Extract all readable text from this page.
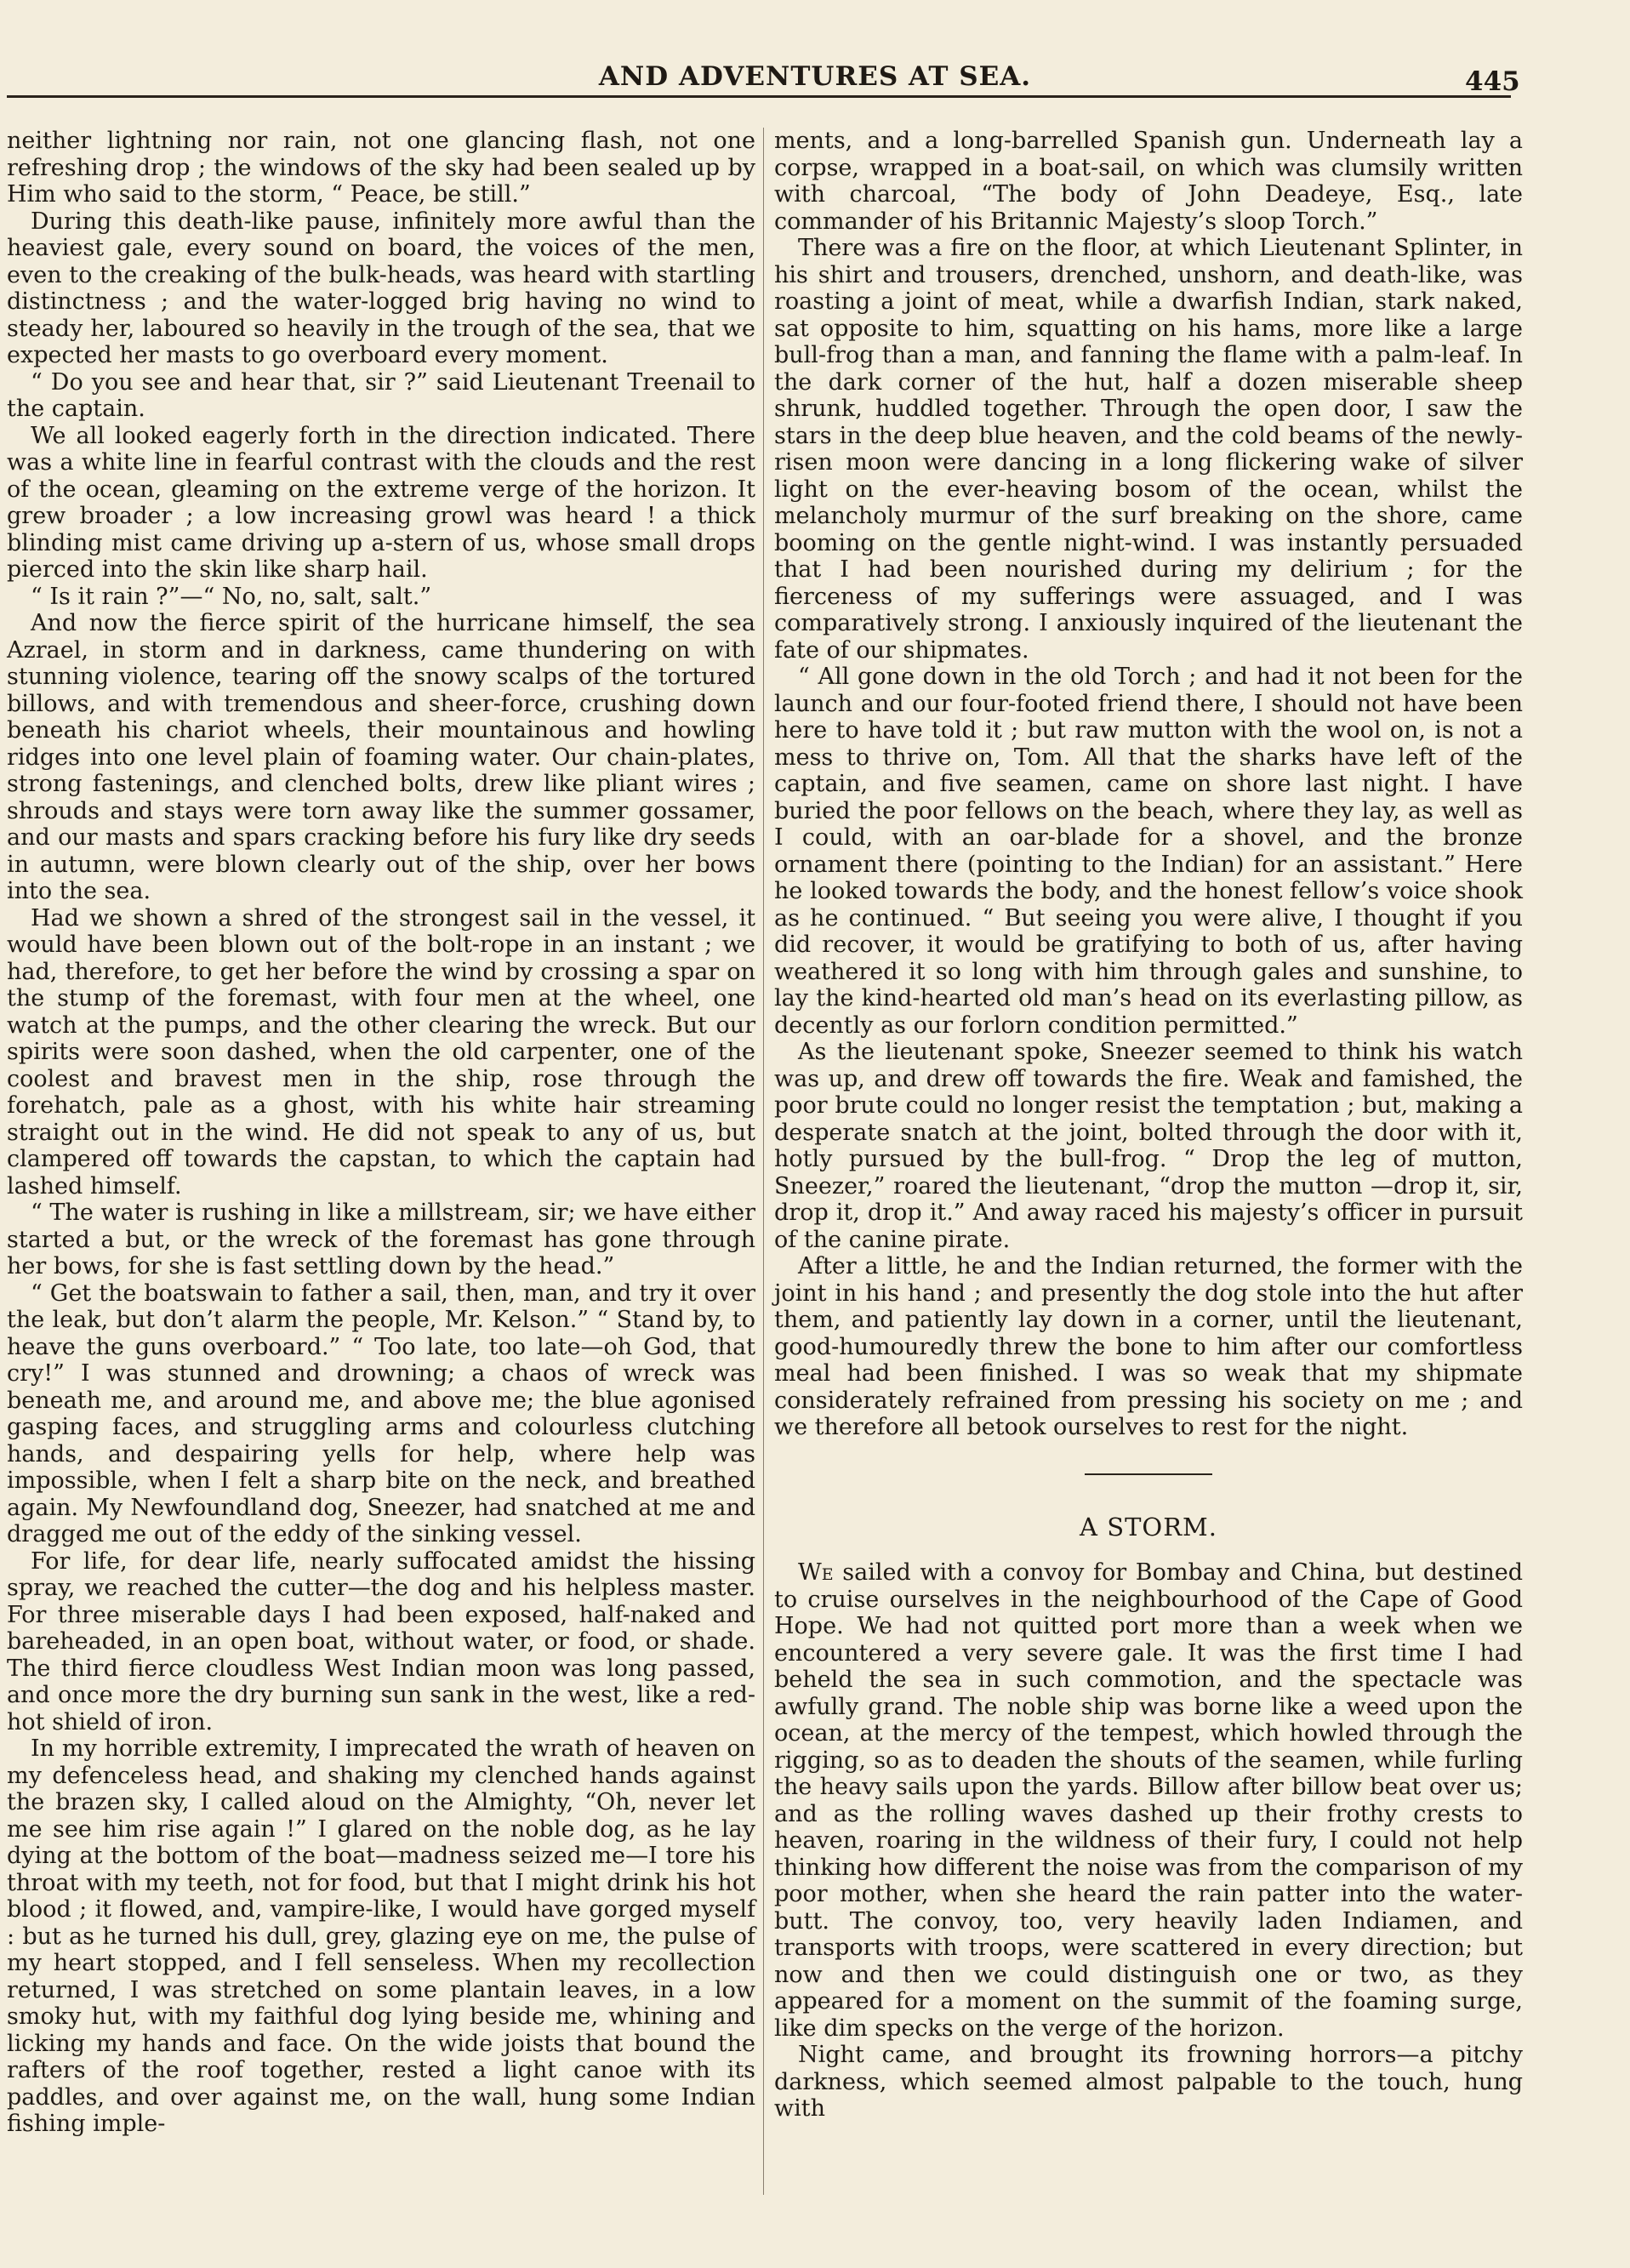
AND ADVENTURES AT SEA.	445

neither lightning nor rain, not one glancing flash, not one refreshing drop ; the windows of the sky had been sealed up by Him who said to the storm, “ Peace, be still.”

During this death-like pause, infinitely more awful than the heaviest gale, every sound on board, the voices of the men, even to the creaking of the bulk-heads, was heard with startling distinctness ; and the water-logged brig having no wind to steady her, laboured so heavily in the trough of the sea, that we expected her masts to go overboard every moment.

“ Do you see and hear that, sir ?” said Lieutenant Treenail to the captain.

We all looked eagerly forth in the direction indicated. There was a white line in fearful contrast with the clouds and the rest of the ocean, gleaming on the extreme verge of the horizon. It grew broader ; a low increasing growl was heard ! a thick blinding mist came driving up a-stern of us, whose small drops pierced into the skin like sharp hail.

“ Is it rain ?”—“ No, no, salt, salt.”

And now the fierce spirit of the hurricane himself, the sea Azrael, in storm and in darkness, came thundering on with stunning violence, tearing off the snowy scalps of the tortured billows, and with tremendous and sheer-force, crushing down beneath his chariot wheels, their mountainous and howling ridges into one level plain of foaming water. Our chain-plates, strong fastenings, and clenched bolts, drew like pliant wires ; shrouds and stays were torn away like the summer gossamer, and our masts and spars cracking before his fury like dry seeds in autumn, were blown clearly out of the ship, over her bows into the sea.

Had we shown a shred of the strongest sail in the vessel, it would have been blown out of the bolt-rope in an instant ; we had, therefore, to get her before the wind by crossing a spar on the stump of the foremast, with four men at the wheel, one watch at the pumps, and the other clearing the wreck. But our spirits were soon dashed, when the old carpenter, one of the coolest and bravest men in the ship, rose through the forehatch, pale as a ghost, with his white hair streaming straight out in the wind. He did not speak to any of us, but clampered off towards the capstan, to which the captain had lashed himself.

“ The water is rushing in like a millstream, sir; we have either started a but, or the wreck of the foremast has gone through her bows, for she is fast settling down by the head.”

“ Get the boatswain to father a sail, then, man, and try it over the leak, but don’t alarm the people, Mr. Kelson.” “ Stand by, to heave the guns overboard.” “ Too late, too late—oh God, that cry!” I was stunned and drowning; a chaos of wreck was beneath me, and around me, and above me; the blue agonised gasping faces, and struggling arms and colourless clutching hands, and despairing yells for help, where help was impossible, when I felt a sharp bite on the neck, and breathed again. My Newfoundland dog, Sneezer, had snatched at me and dragged me out of the eddy of the sinking vessel.

For life, for dear life, nearly suffocated amidst the hissing spray, we reached the cutter—the dog and his helpless master. For three miserable days I had been exposed, half-naked and bareheaded, in an open boat, without water, or food, or shade. The third fierce cloudless West Indian moon was long passed, and once more the dry burning sun sank in the west, like a red-hot shield of iron.

In my horrible extremity, I imprecated the wrath of heaven on my defenceless head, and shaking my clenched hands against the brazen sky, I called aloud on the Almighty, “Oh, never let me see him rise again !” I glared on the noble dog, as he lay dying at the bottom of the boat—madness seized me—I tore his throat with my teeth, not for food, but that I might drink his hot blood ; it flowed, and, vampire-like, I would have gorged myself : but as he turned his dull, grey, glazing eye on me, the pulse of my heart stopped, and I fell senseless. When my recollection returned, I was stretched on some plantain leaves, in a low smoky hut, with my faithful dog lying beside me, whining and licking my hands and face. On the wide joists that bound the rafters of the roof together, rested a light canoe with its paddles, and over against me, on the wall, hung some Indian fishing imple-

ments, and a long-barrelled Spanish gun. Underneath lay a corpse, wrapped in a boat-sail, on which was clumsily written with charcoal, “The body of John Deadeye, Esq., late commander of his Britannic Majesty’s sloop Torch.”

There was a fire on the floor, at which Lieutenant Splinter, in his shirt and trousers, drenched, unshorn, and death-like, was roasting a joint of meat, while a dwarfish Indian, stark naked, sat opposite to him, squatting on his hams, more like a large bull-frog than a man, and fanning the flame with a palm-leaf. In the dark corner of the hut, half a dozen miserable sheep shrunk, huddled together. Through the open door, I saw the stars in the deep blue heaven, and the cold beams of the newly-risen moon were dancing in a long flickering wake of silver light on the ever-heaving bosom of the ocean, whilst the melancholy murmur of the surf breaking on the shore, came booming on the gentle night-wind. I was instantly persuaded that I had been nourished during my delirium ; for the fierceness of my sufferings were assuaged, and I was comparatively strong. I anxiously inquired of the lieutenant the fate of our shipmates.

“ All gone down in the old Torch ; and had it not been for the launch and our four-footed friend there, I should not have been here to have told it ; but raw mutton with the wool on, is not a mess to thrive on, Tom. All that the sharks have left of the captain, and five seamen, came on shore last night. I have buried the poor fellows on the beach, where they lay, as well as I could, with an oar-blade for a shovel, and the bronze ornament there (pointing to the Indian) for an assistant.” Here he looked towards the body, and the honest fellow’s voice shook as he continued. “ But seeing you were alive, I thought if you did recover, it would be gratifying to both of us, after having weathered it so long with him through gales and sunshine, to lay the kind-hearted old man’s head on its everlasting pillow, as decently as our forlorn condition permitted.”

As the lieutenant spoke, Sneezer seemed to think his watch was up, and drew off towards the fire. Weak and famished, the poor brute could no longer resist the temptation ; but, making a desperate snatch at the joint, bolted through the door with it, hotly pursued by the bull-frog. “ Drop the leg of mutton, Sneezer,” roared the lieutenant, “drop the mutton —drop it, sir, drop it, drop it.” And away raced his majesty’s officer in pursuit of the canine pirate.

After a little, he and the Indian returned, the former with the joint in his hand ; and presently the dog stole into the hut after them, and patiently lay down in a corner, until the lieutenant, good-humouredly threw the bone to him after our comfortless meal had been finished. I was so weak that my shipmate considerately refrained from pressing his society on me ; and we therefore all betook ourselves to rest for the night.

A STORM.

We sailed with a convoy for Bombay and China, but destined to cruise ourselves in the neighbourhood of the Cape of Good Hope. We had not quitted port more than a week when we encountered a very severe gale. It was the first time I had beheld the sea in such commotion, and the spectacle was awfully grand. The noble ship was borne like a weed upon the ocean, at the mercy of the tempest, which howled through the rigging, so as to deaden the shouts of the seamen, while furling the heavy sails upon the yards. Billow after billow beat over us; and as the rolling waves dashed up their frothy crests to heaven, roaring in the wildness of their fury, I could not help thinking how different the noise was from the comparison of my poor mother, when she heard the rain patter into the water-butt. The convoy, too, very heavily laden Indiamen, and transports with troops, were scattered in every direction; but now and then we could distinguish one or two, as they appeared for a moment on the summit of the foaming surge, like dim specks on the verge of the horizon.

Night came, and brought its frowning horrors—a pitchy darkness, which seemed almost palpable to the touch, hung with
